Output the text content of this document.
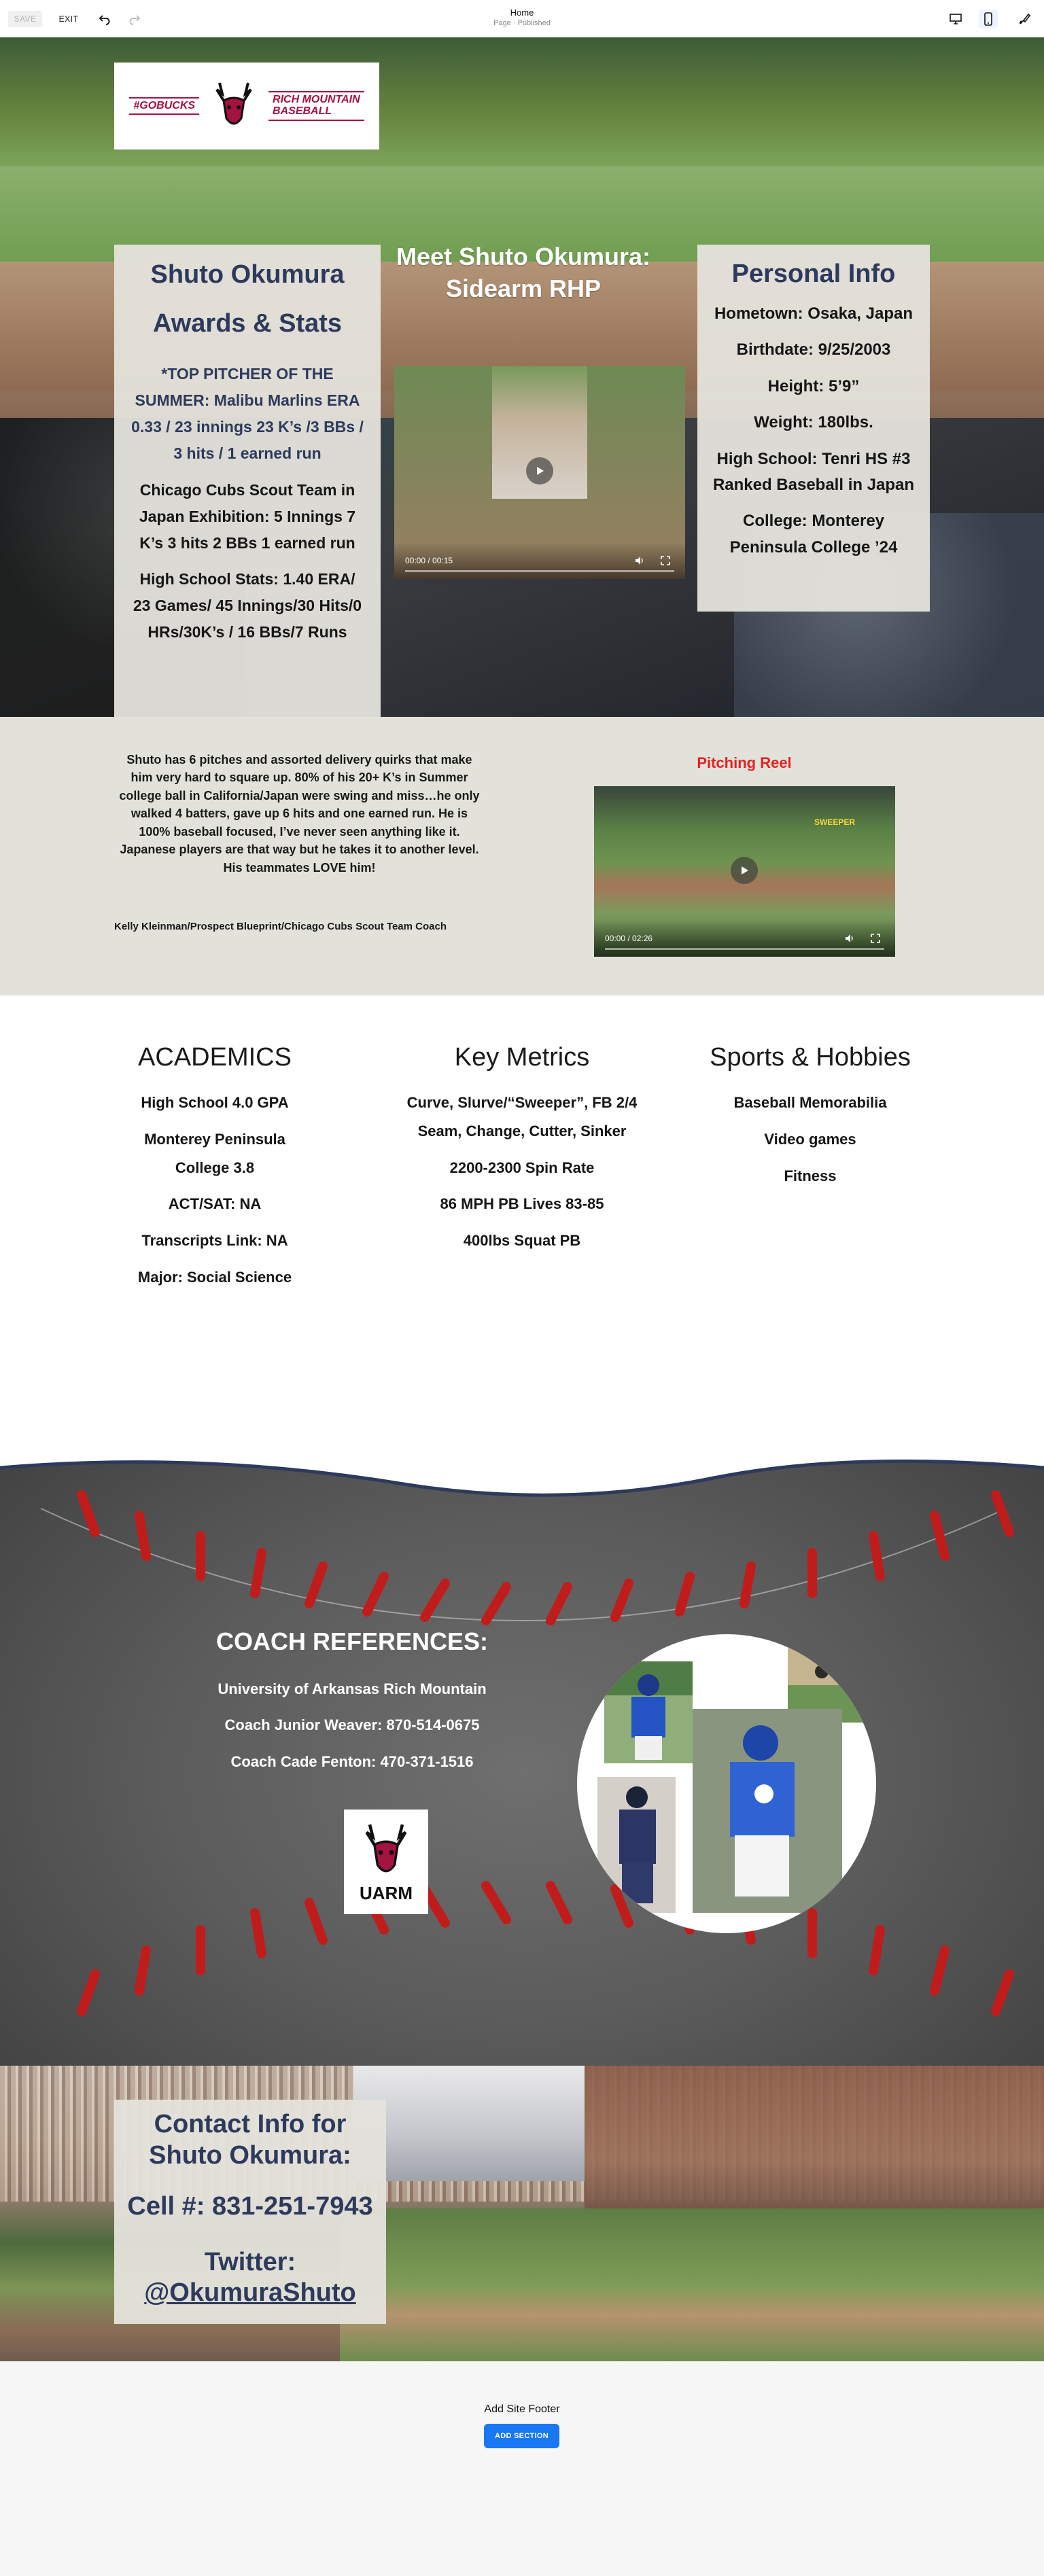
SAVE	EXIT
Home
Page · Published
#GOBUCKS	RICH MOUNTAIN
BASEBALL
Shuto Okumura
Awards & Stats

*TOP PITCHER OF THE SUMMER: Malibu Marlins ERA 0.33 / 23 innings 23 K’s /3 BBs / 3 hits / 1 earned run

Chicago Cubs Scout Team in Japan Exhibition: 5 Innings 7 K’s 3 hits 2 BBs 1 earned run

High School Stats: 1.40 ERA/ 23 Games/ 45 Innings/30 Hits/0 HRs/30K’s / 16 BBs/7 Runs

Meet Shuto Okumura: Sidearm RHP
00:00 / 00:15
Personal Info

Hometown: Osaka, Japan

Birthdate: 9/25/2003

Height: 5’9”

Weight: 180lbs.

High School: Tenri HS #3 Ranked Baseball in Japan

College: Monterey Peninsula College ’24

Shuto has 6 pitches and assorted delivery quirks that make him very hard to square up. 80% of his 20+ K’s in Summer college ball in California/Japan were swing and miss…he only walked 4 batters, gave up 6 hits and one earned run. He is 100% baseball focused, I’ve never seen anything like it. Japanese players are that way but he takes it to another level. His teammates LOVE him!
Kelly Kleinman/Prospect Blueprint/Chicago Cubs Scout Team Coach
Pitching Reel
SWEEPER
00:00 / 02:26
ACADEMICS

High School 4.0 GPA

Monterey Peninsula College 3.8

ACT/SAT: NA

Transcripts Link: NA

Major: Social Science

Key Metrics

Curve, Slurve/“Sweeper”, FB 2/4 Seam, Change, Cutter, Sinker

2200-2300 Spin Rate

86 MPH PB Lives 83-85

400lbs Squat PB

Sports & Hobbies

Baseball Memorabilia

Video games

Fitness

COACH REFERENCES:

University of Arkansas Rich Mountain

Coach Junior Weaver: 870-514-0675

Coach Cade Fenton: 470-371-1516

UARM
Contact Info for Shuto Okumura:
Cell #: 831-251-7943
Twitter:
@OkumuraShuto
Add Site Footer
ADD SECTION
